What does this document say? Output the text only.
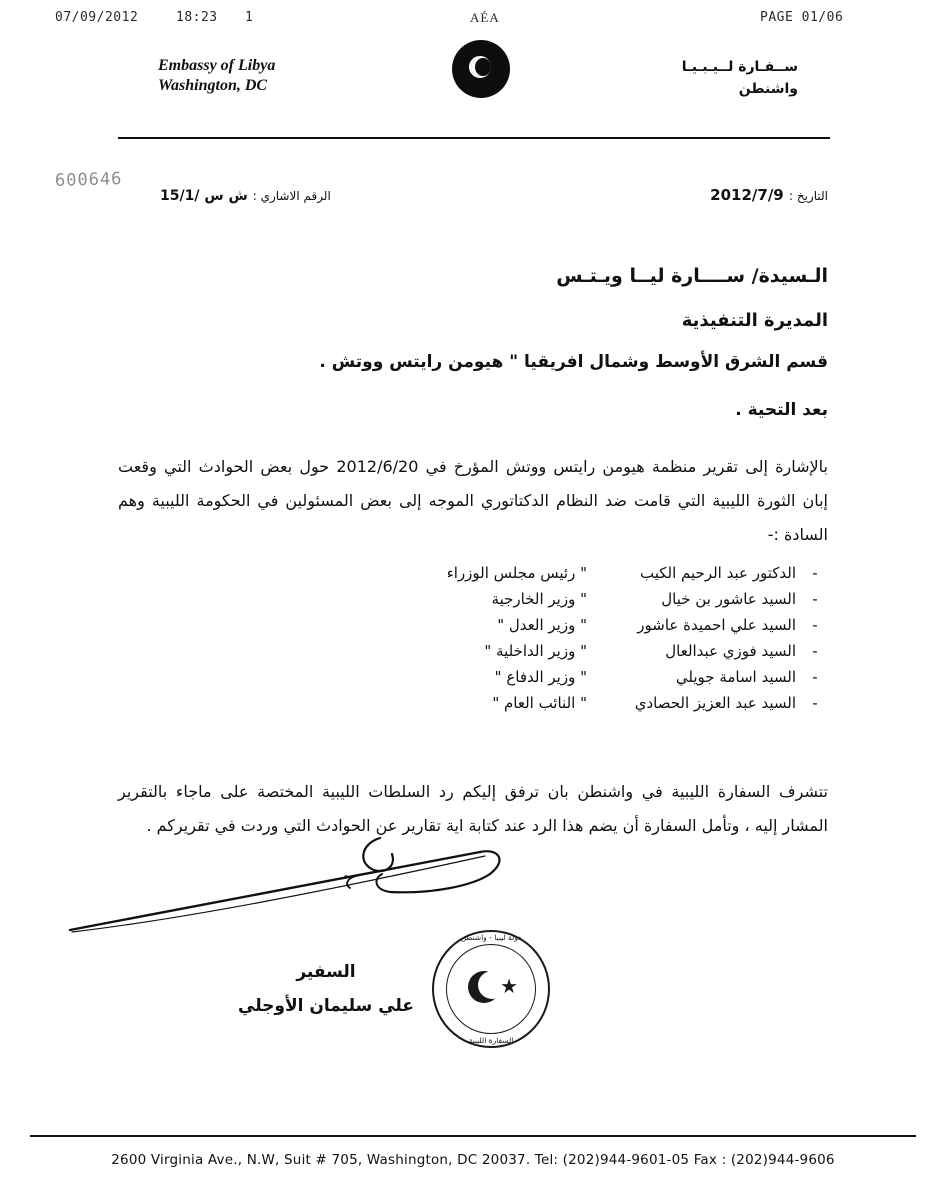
07/09/2012	18:23 1	AÉA	PAGE 01/06
Embassy of Libya
Washington, DC
ســفـارة لــيـبـيـا
واشنطن
600646
الرقم الاشاري : ش س /15/1	التاريخ : 2012/7/9
الـسيدة/ ســــارة ليــا ويـتـس
المديرة التنفيذية
قسم الشرق الأوسط وشمال افريقيا " هيومن رايتس ووتش .
بعد التحية .
بالإشارة إلى تقرير منظمة هيومن رايتس ووتش المؤرخ في 2012/6/20 حول بعض الحوادث التي وقعت إبان الثورة الليبية التي قامت ضد النظام الدكتاتوري الموجه إلى بعض المسئولين في الحكومة الليبية وهم السادة :-
-
الدكتور عبد الرحيم الكيب
" رئيس مجلس الوزراء
-
السيد عاشور بن خيال
" وزير الخارجية
-
السيد علي احميدة عاشور
" وزير العدل "
-
السيد فوزي عبدالعال
" وزير الداخلية "
-
السيد اسامة جويلي
" وزير الدفاع "
-
السيد عبد العزيز الحصادي
" النائب العام "
تتشرف السفارة الليبية في واشنطن بان ترفق إليكم رد السلطات الليبية المختصة على ماجاء بالتقرير المشار إليه ، وتأمل السفارة أن يضم هذا الرد عند كتابة اية تقارير عن الحوادث التي وردت في تقريركم .
السفير
علي سليمان الأوجلي
دولة ليبيا - واشنطن
السفارة الليبية
★
2600 Virginia Ave., N.W, Suit # 705, Washington, DC 20037. Tel: (202)944-9601-05 Fax : (202)944-9606
